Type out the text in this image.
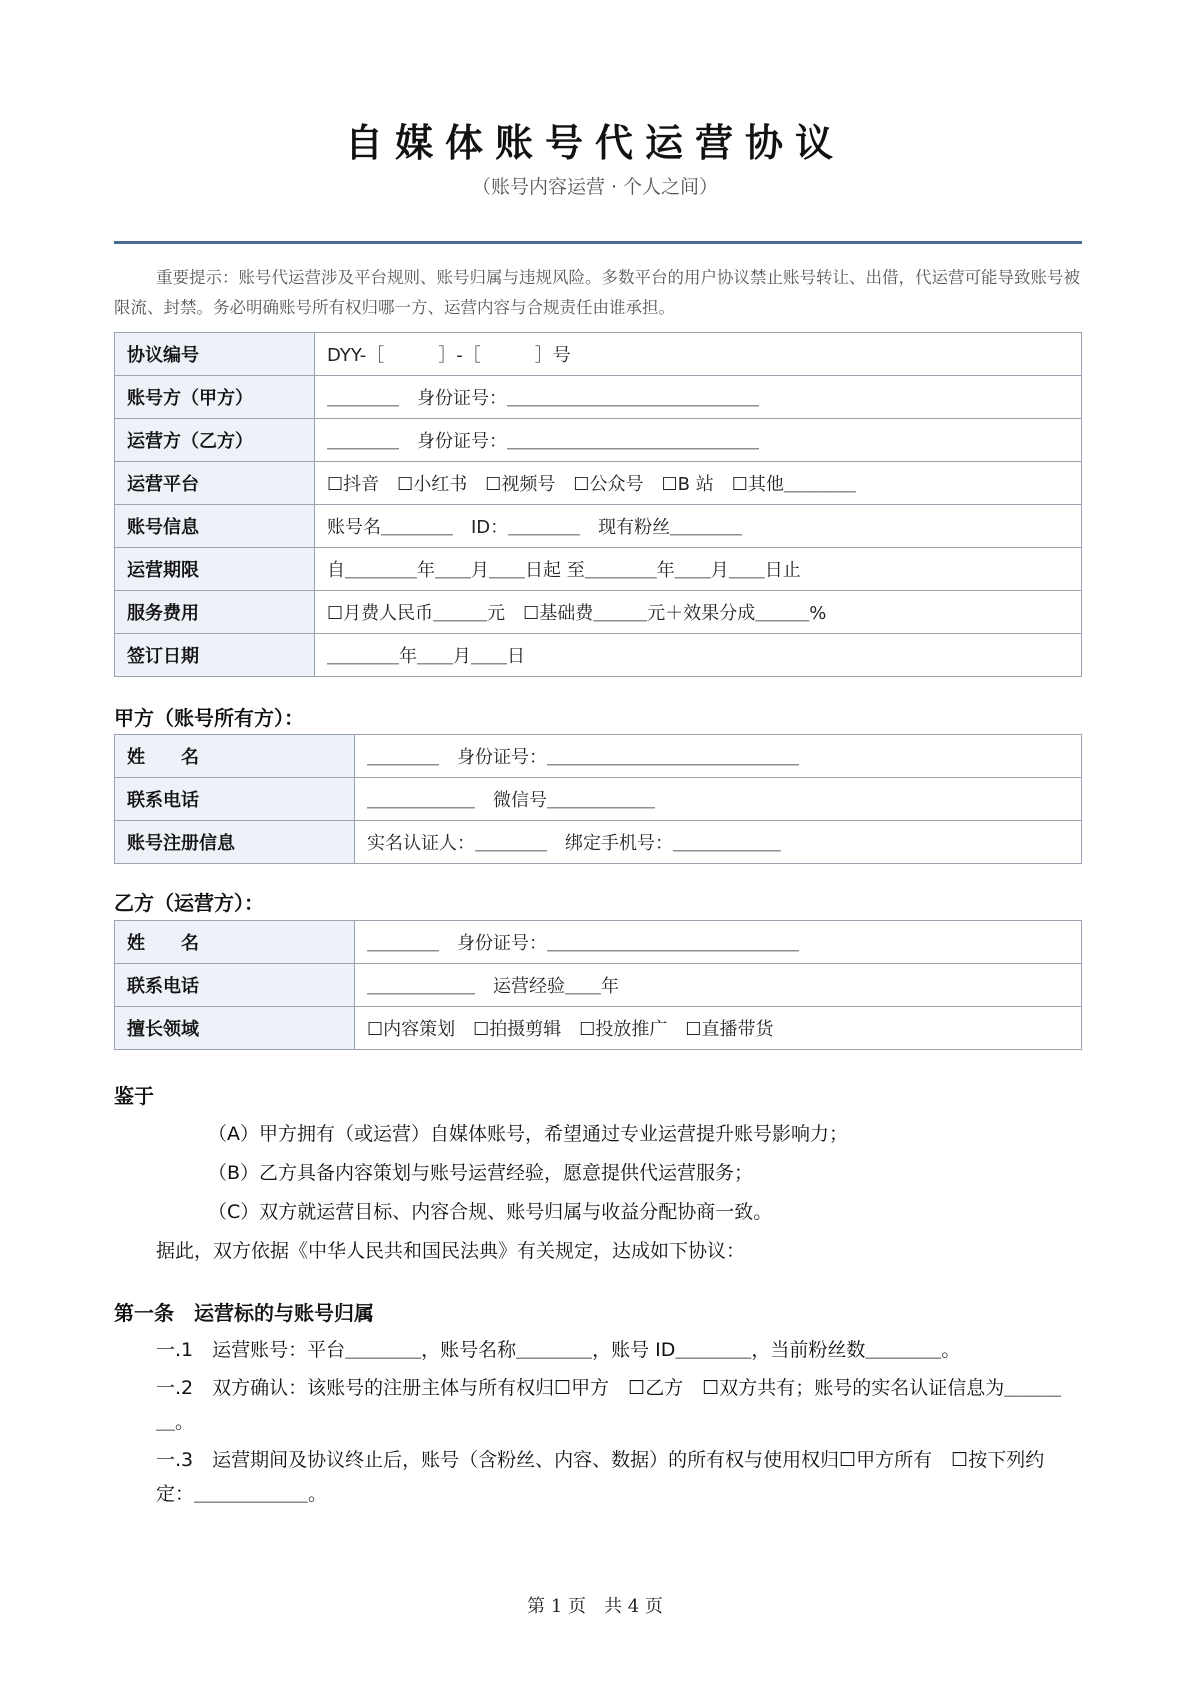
自媒体账号代运营协议
（账号内容运营 · 个人之间）
重要提示：账号代运营涉及平台规则、账号归属与违规风险。多数平台的用户协议禁止账号转让、出借，代运营可能导致账号被限流、封禁。务必明确账号所有权归哪一方、运营内容与合规责任由谁承担。
协议编号	DYY-［　　　］-［　　　］号
账号方（甲方）	＿＿＿＿　身份证号：＿＿＿＿＿＿＿＿＿＿＿＿＿＿
运营方（乙方）	＿＿＿＿　身份证号：＿＿＿＿＿＿＿＿＿＿＿＿＿＿
运营平台	☐抖音　☐小红书　☐视频号　☐公众号　☐B 站　☐其他＿＿＿＿
账号信息	账号名＿＿＿＿　ID：＿＿＿＿　现有粉丝＿＿＿＿
运营期限	自＿＿＿＿年＿＿月＿＿日起 至＿＿＿＿年＿＿月＿＿日止
服务费用	☐月费人民币＿＿＿元　☐基础费＿＿＿元＋效果分成＿＿＿%
签订日期	＿＿＿＿年＿＿月＿＿日
甲方（账号所有方）：
姓　　名	＿＿＿＿　身份证号：＿＿＿＿＿＿＿＿＿＿＿＿＿＿
联系电话	＿＿＿＿＿＿　微信号＿＿＿＿＿＿
账号注册信息	实名认证人：＿＿＿＿　绑定手机号：＿＿＿＿＿＿
乙方（运营方）：
姓　　名	＿＿＿＿　身份证号：＿＿＿＿＿＿＿＿＿＿＿＿＿＿
联系电话	＿＿＿＿＿＿　运营经验＿＿年
擅长领域	☐内容策划　☐拍摄剪辑　☐投放推广　☐直播带货
鉴于
（A）甲方拥有（或运营）自媒体账号，希望通过专业运营提升账号影响力；
（B）乙方具备内容策划与账号运营经验，愿意提供代运营服务；
（C）双方就运营目标、内容合规、账号归属与收益分配协商一致。
据此，双方依据《中华人民共和国民法典》有关规定，达成如下协议：
第一条　运营标的与账号归属
一.1　运营账号：平台＿＿＿＿，账号名称＿＿＿＿，账号 ID＿＿＿＿，当前粉丝数＿＿＿＿。
一.2　双方确认：该账号的注册主体与所有权归☐甲方　☐乙方　☐双方共有；账号的实名认证信息为＿＿＿＿。
一.3　运营期间及协议终止后，账号（含粉丝、内容、数据）的所有权与使用权归☐甲方所有　☐按下列约定：＿＿＿＿＿＿。
第 1 页　共 4 页
